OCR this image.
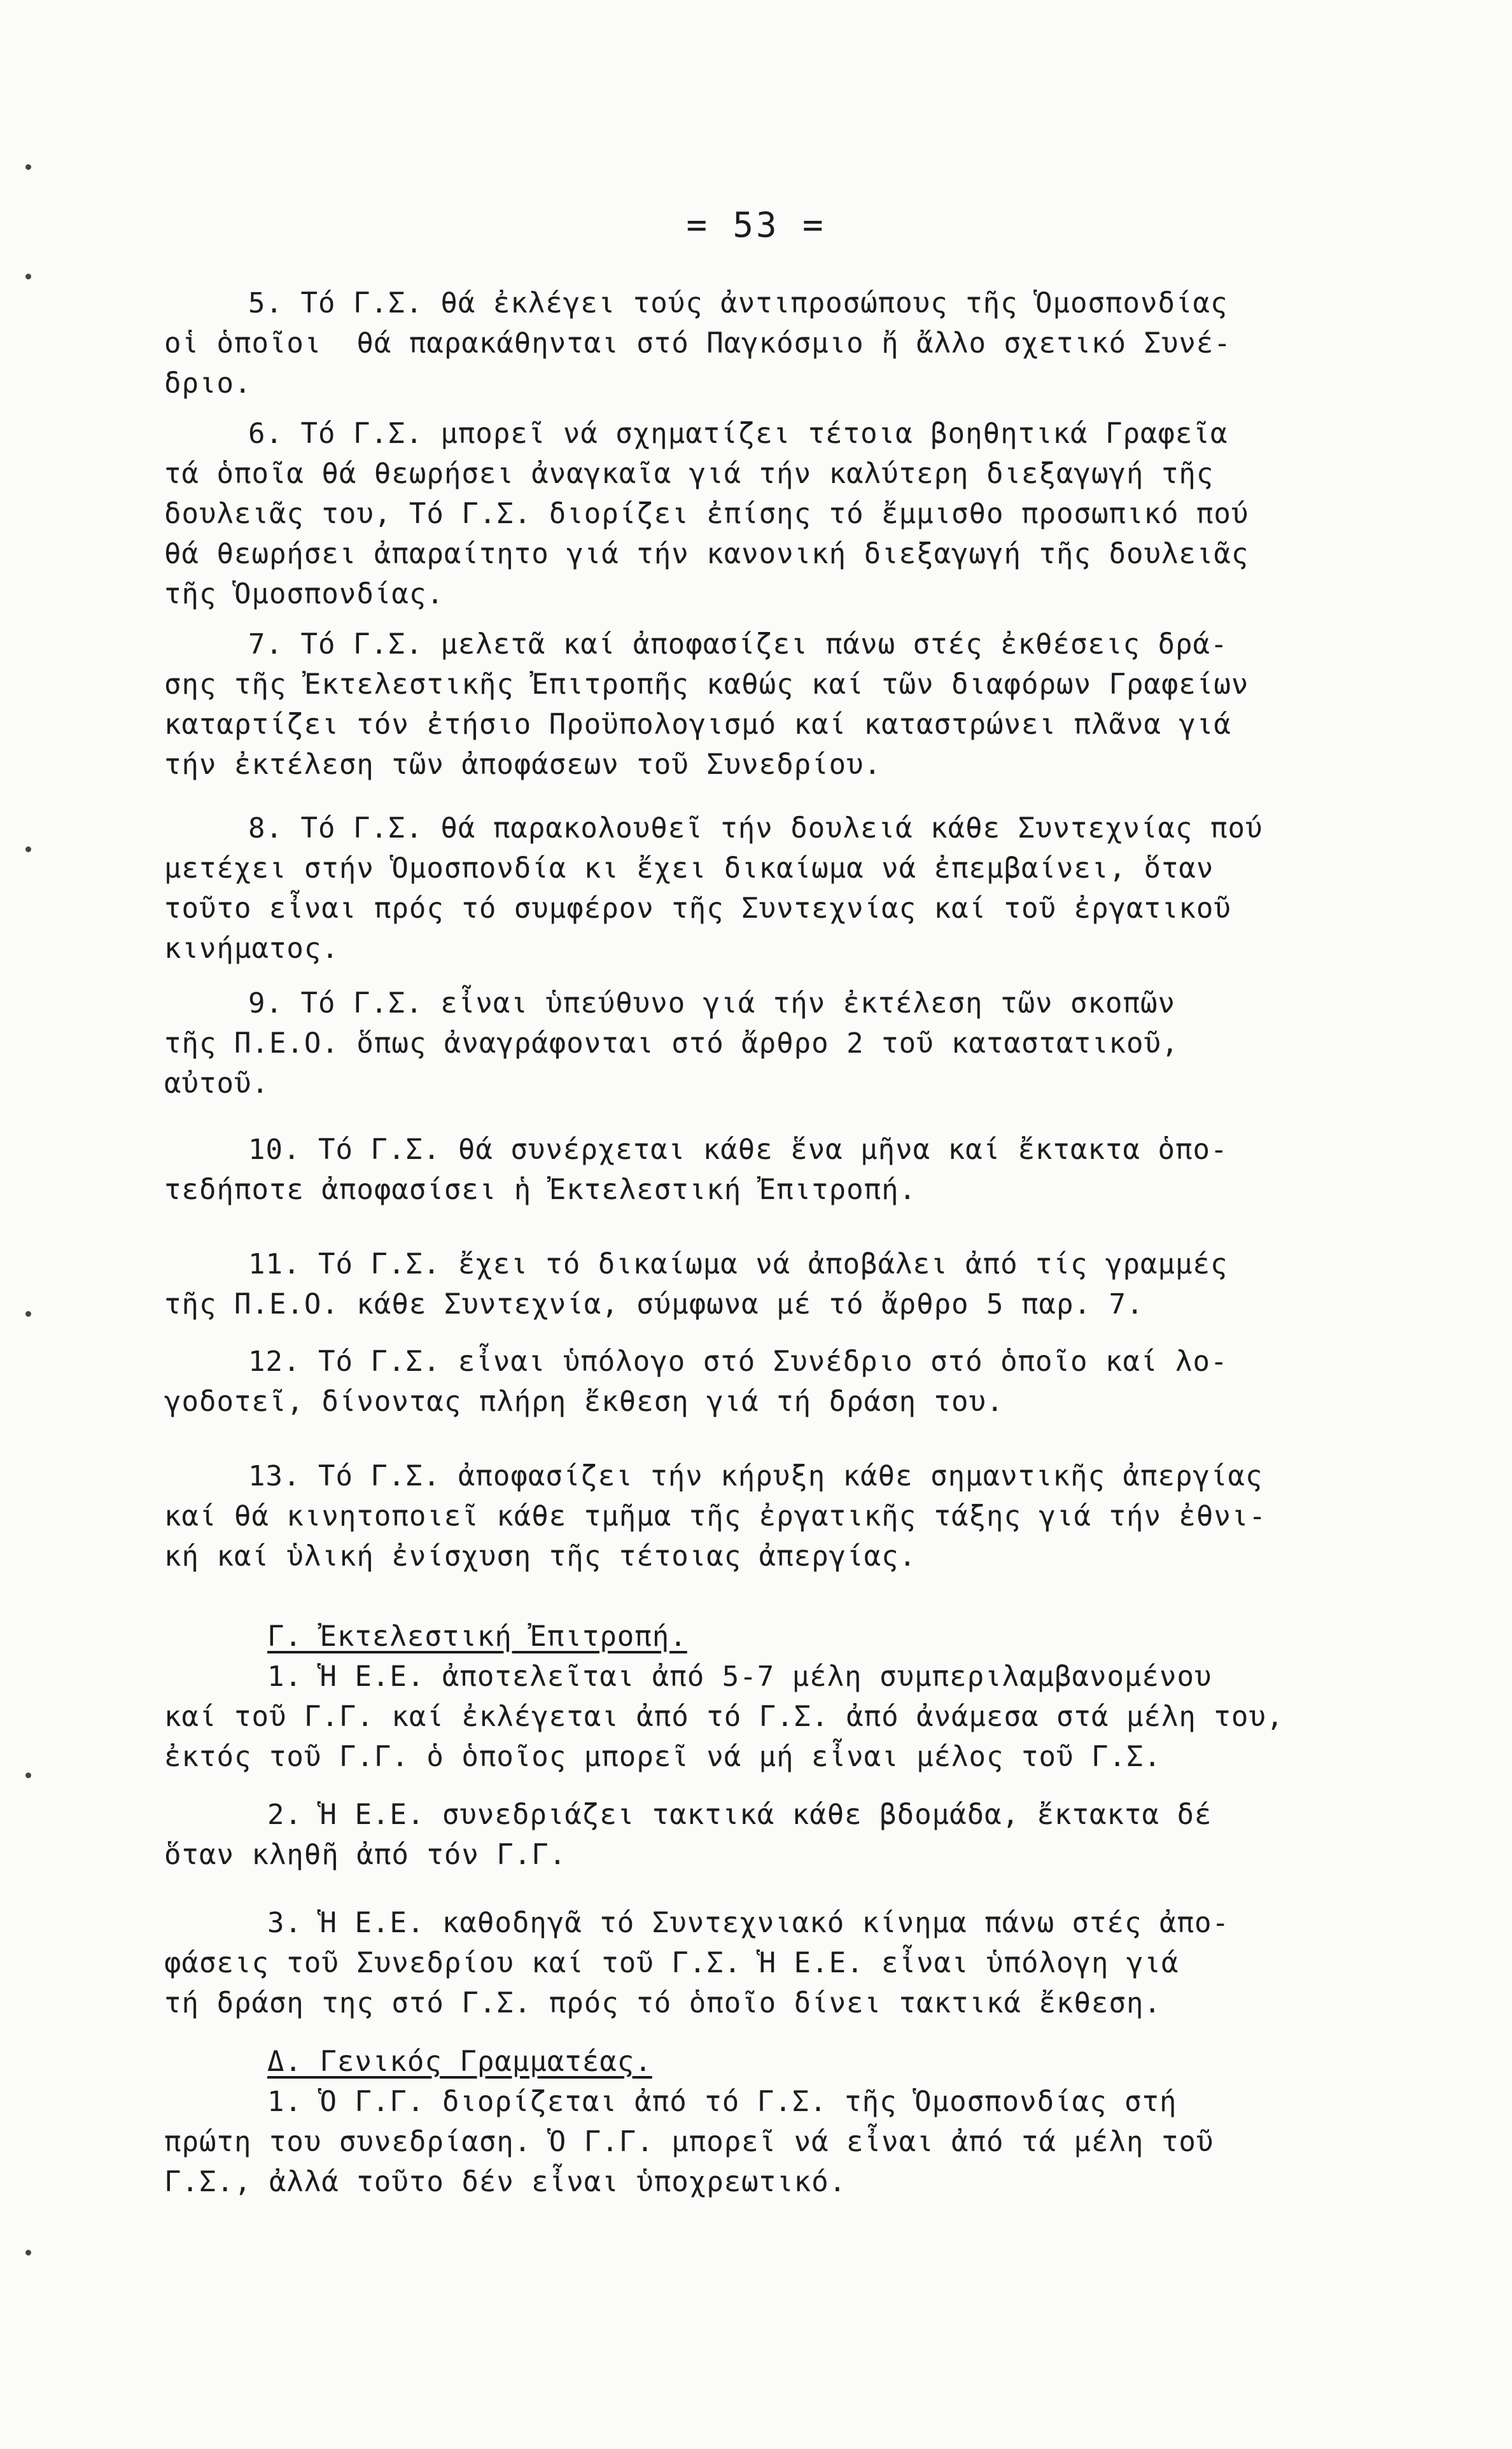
= 53 =
5. Τό Γ.Σ. θά ἐκλέγει τούς ἀντιπροσώπους τῆς Ὁμοσπονδίας
οἱ ὁποῖοι  θά παρακάθηνται στό Παγκόσμιο ἤ ἄλλο σχετικό Συνέ-
δριο.
6. Τό Γ.Σ. μπορεῖ νά σχηματίζει τέτοια βοηθητικά Γραφεῖα
τά ὁποῖα θά θεωρήσει ἀναγκαῖα γιά τήν καλύτερη διεξαγωγή τῆς
δουλειᾶς του, Τό Γ.Σ. διορίζει ἐπίσης τό ἔμμισθο προσωπικό πού
θά θεωρήσει ἀπαραίτητο γιά τήν κανονική διεξαγωγή τῆς δουλειᾶς
τῆς Ὁμοσπονδίας.
7. Τό Γ.Σ. μελετᾶ καί ἀποφασίζει πάνω στές ἐκθέσεις δρά-
σης τῆς Ἐκτελεστικῆς Ἐπιτροπῆς καθώς καί τῶν διαφόρων Γραφείων
καταρτίζει τόν ἐτήσιο Προϋπολογισμό καί καταστρώνει πλᾶνα γιά
τήν ἐκτέλεση τῶν ἀποφάσεων τοῦ Συνεδρίου.
8. Τό Γ.Σ. θά παρακολουθεῖ τήν δουλειά κάθε Συντεχνίας πού
μετέχει στήν Ὁμοσπονδία κι ἔχει δικαίωμα νά ἐπεμβαίνει, ὅταν
τοῦτο εἶναι πρός τό συμφέρον τῆς Συντεχνίας καί τοῦ ἐργατικοῦ
κινήματος.
9. Τό Γ.Σ. εἶναι ὑπεύθυνο γιά τήν ἐκτέλεση τῶν σκοπῶν
τῆς Π.Ε.Ο. ὅπως ἀναγράφονται στό ἄρθρο 2 τοῦ καταστατικοῦ,
αὐτοῦ.
10. Τό Γ.Σ. θά συνέρχεται κάθε ἕνα μῆνα καί ἔκτακτα ὁπο-
τεδήποτε ἀποφασίσει ἡ Ἐκτελεστική Ἐπιτροπή.
11. Τό Γ.Σ. ἔχει τό δικαίωμα νά ἀποβάλει ἀπό τίς γραμμές
τῆς Π.Ε.Ο. κάθε Συντεχνία, σύμφωνα μέ τό ἄρθρο 5 παρ. 7.
12. Τό Γ.Σ. εἶναι ὑπόλογο στό Συνέδριο στό ὁποῖο καί λο-
γοδοτεῖ, δίνοντας πλήρη ἔκθεση γιά τή δράση του.
13. Τό Γ.Σ. ἀποφασίζει τήν κήρυξη κάθε σημαντικῆς ἀπεργίας
καί θά κινητοποιεῖ κάθε τμῆμα τῆς ἐργατικῆς τάξης γιά τήν ἐθνι-
κή καί ὑλική ἐνίσχυση τῆς τέτοιας ἀπεργίας.
Γ. Ἐκτελεστική Ἐπιτροπή.
1. Ἡ Ε.Ε. ἀποτελεῖται ἀπό 5-7 μέλη συμπεριλαμβανομένου
καί τοῦ Γ.Γ. καί ἐκλέγεται ἀπό τό Γ.Σ. ἀπό ἀνάμεσα στά μέλη του,
ἐκτός τοῦ Γ.Γ. ὁ ὁποῖος μπορεῖ νά μή εἶναι μέλος τοῦ Γ.Σ.
2. Ἡ Ε.Ε. συνεδριάζει τακτικά κάθε βδομάδα, ἔκτακτα δέ
ὅταν κληθῆ ἀπό τόν Γ.Γ.
3. Ἡ Ε.Ε. καθοδηγᾶ τό Συντεχνιακό κίνημα πάνω στές ἀπο-
φάσεις τοῦ Συνεδρίου καί τοῦ Γ.Σ. Ἡ Ε.Ε. εἶναι ὑπόλογη γιά
τή δράση της στό Γ.Σ. πρός τό ὁποῖο δίνει τακτικά ἔκθεση.
Δ. Γενικός Γραμματέας.
1. Ὁ Γ.Γ. διορίζεται ἀπό τό Γ.Σ. τῆς Ὁμοσπονδίας στή
πρώτη του συνεδρίαση. Ὁ Γ.Γ. μπορεῖ νά εἶναι ἀπό τά μέλη τοῦ
Γ.Σ., ἀλλά τοῦτο δέν εἶναι ὑποχρεωτικό.
